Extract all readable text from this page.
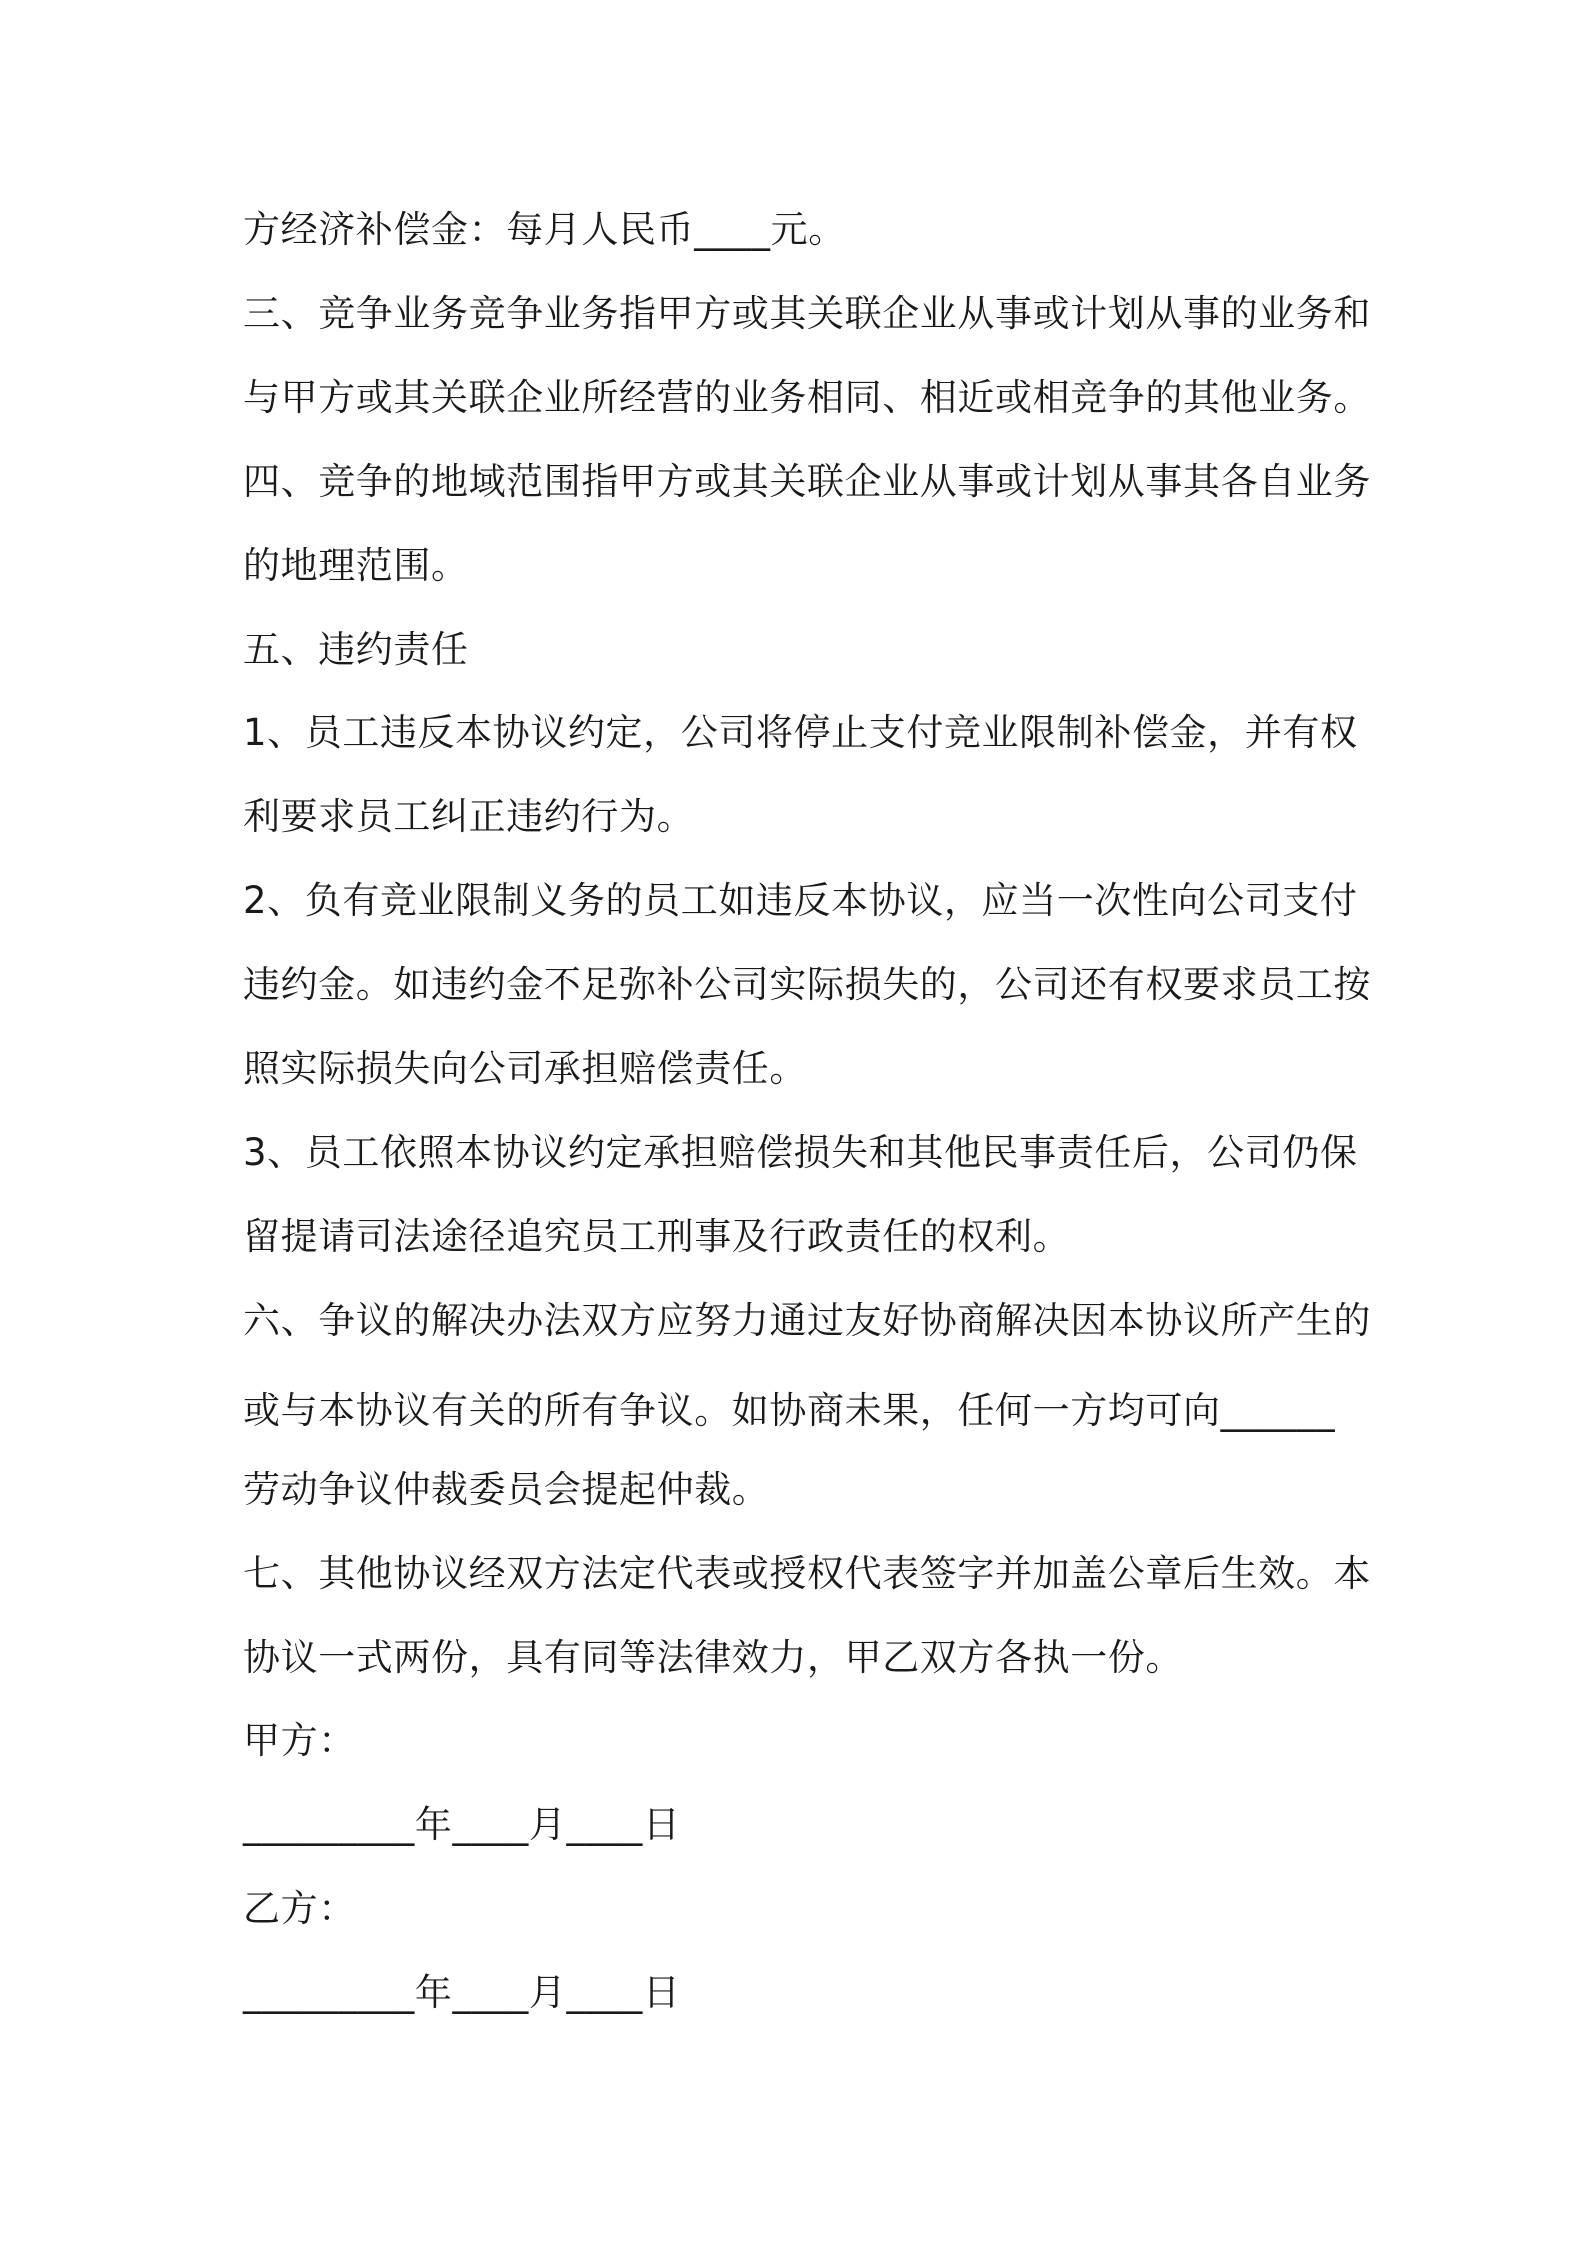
方经济补偿金：每月人民币____元。
三、竞争业务竞争业务指甲方或其关联企业从事或计划从事的业务和
与甲方或其关联企业所经营的业务相同、相近或相竞争的其他业务。
四、竞争的地域范围指甲方或其关联企业从事或计划从事其各自业务
的地理范围。
五、违约责任
1、员工违反本协议约定，公司将停止支付竞业限制补偿金，并有权
利要求员工纠正违约行为。
2、负有竞业限制义务的员工如违反本协议，应当一次性向公司支付
违约金。如违约金不足弥补公司实际损失的，公司还有权要求员工按
照实际损失向公司承担赔偿责任。
3、员工依照本协议约定承担赔偿损失和其他民事责任后，公司仍保
留提请司法途径追究员工刑事及行政责任的权利。
六、争议的解决办法双方应努力通过友好协商解决因本协议所产生的
或与本协议有关的所有争议。如协商未果，任何一方均可向______
劳动争议仲裁委员会提起仲裁。
七、其他协议经双方法定代表或授权代表签字并加盖公章后生效。本
协议一式两份，具有同等法律效力，甲乙双方各执一份。
甲方：
_________年____月____日
乙方：
_________年____月____日
